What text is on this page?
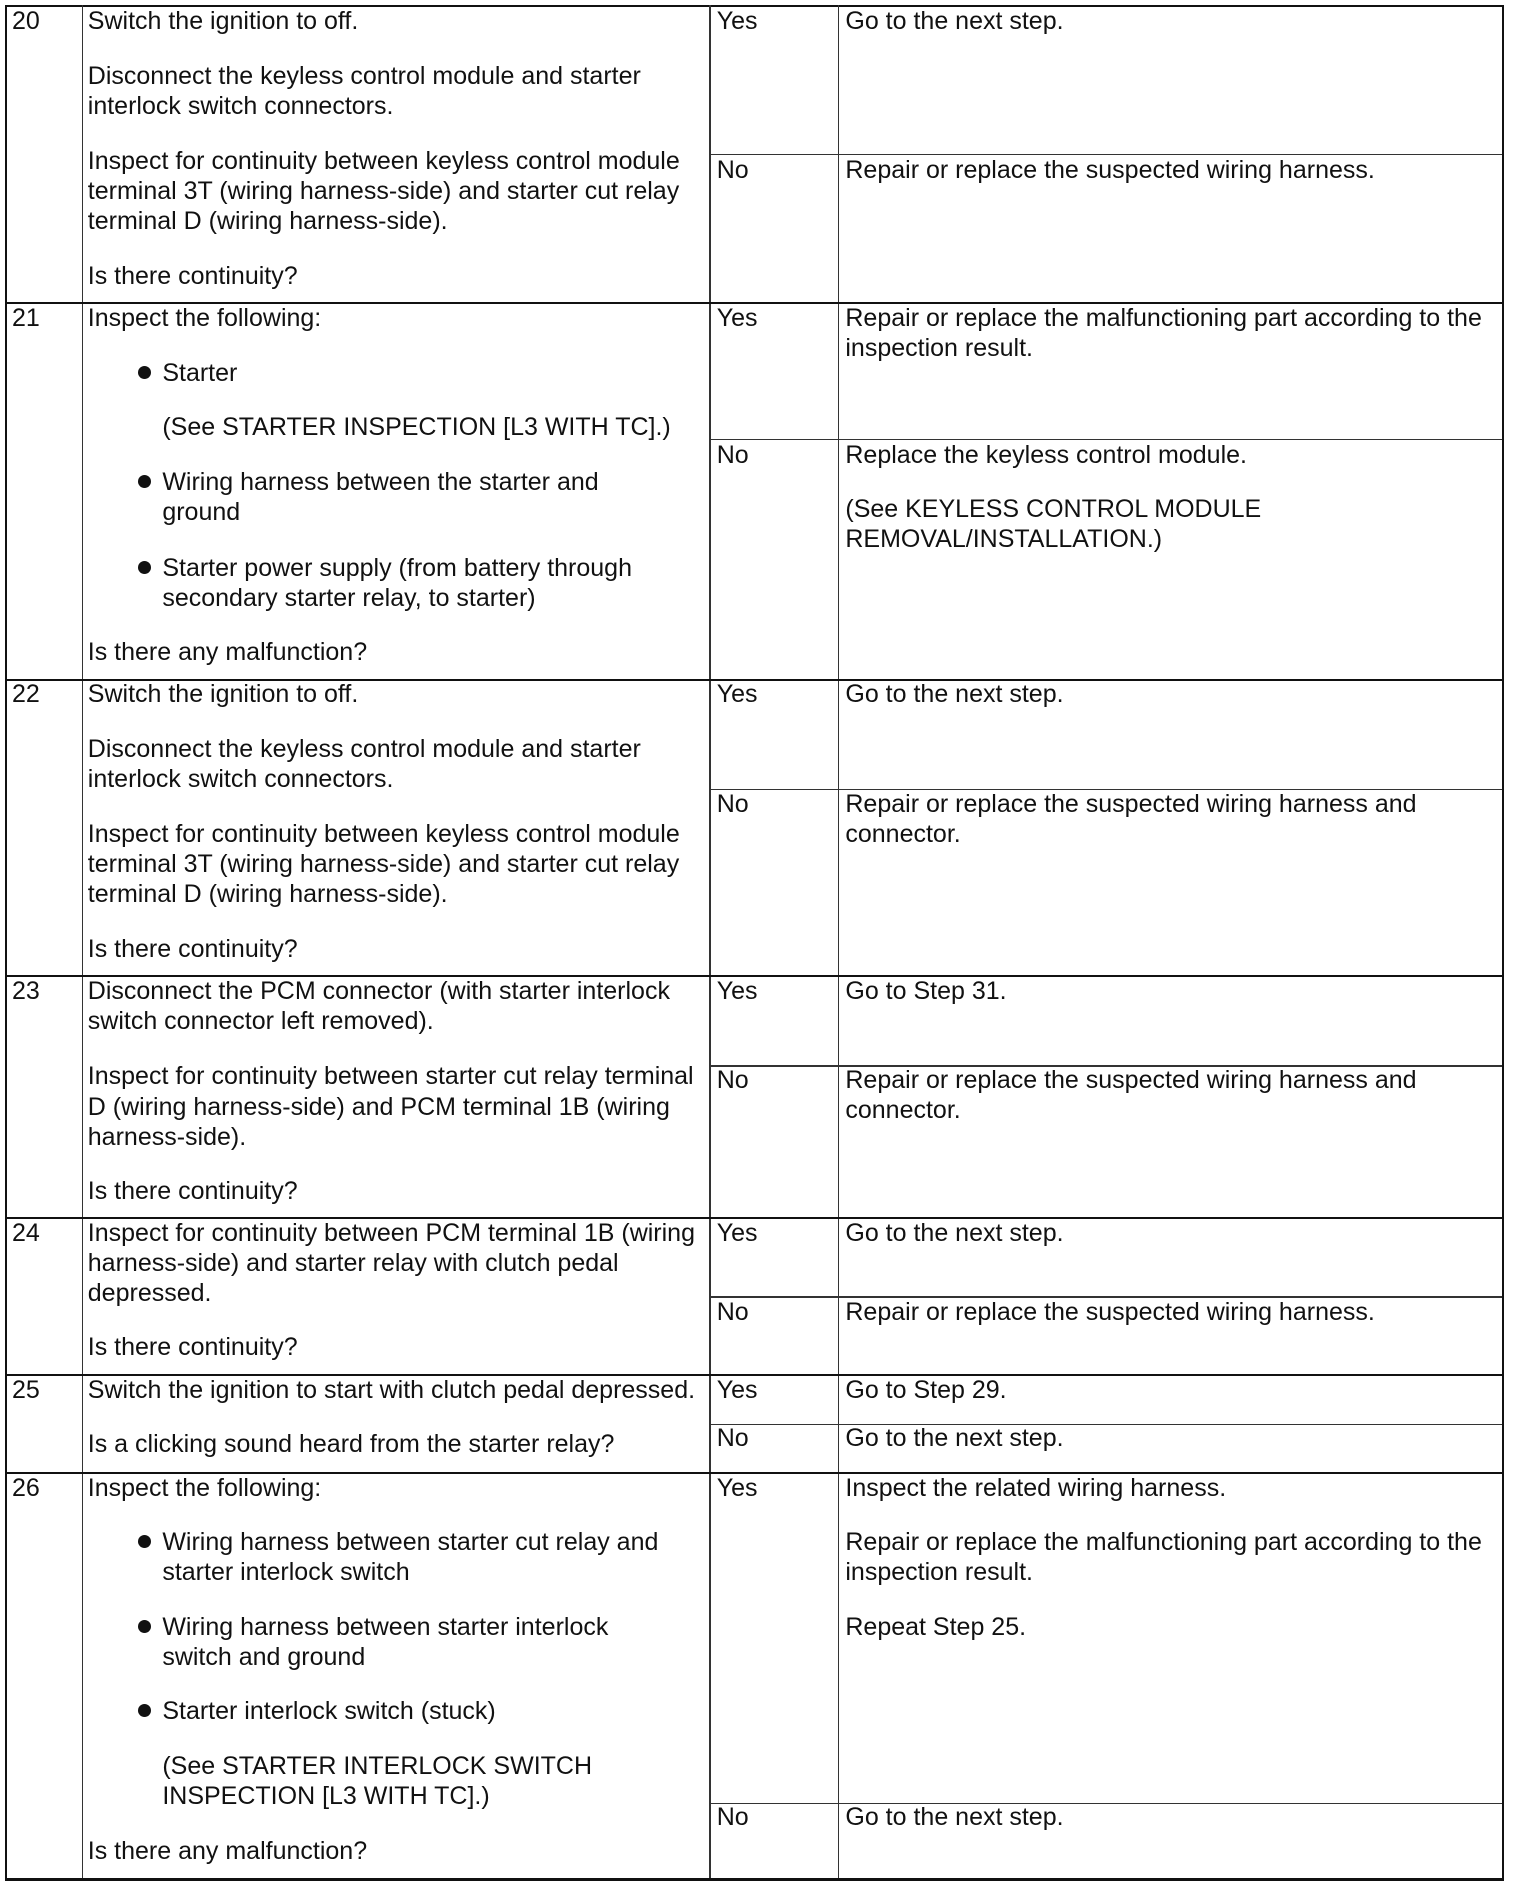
20 Switch the ignition to off.
Disconnect the keyless control module and starter
interlock switch connectors.
Inspect for continuity between keyless control module
terminal 3T (wiring harness-side) and starter cut relay
terminal D (wiring harness-side).
Is there continuity?
Yes	Go to the next step.
No	Repair or replace the suspected wiring harness.
21 Inspect the following:
Starter
(See STARTER INSPECTION [L3 WITH TC].)
Wiring harness between the starter and
ground
Starter power supply (from battery through
secondary starter relay, to starter)
Is there any malfunction?
Yes	Repair or replace the malfunctioning part according to the
inspection result.
No	Replace the keyless control module.
(See KEYLESS CONTROL MODULE
REMOVAL/INSTALLATION.)
22 Switch the ignition to off.
Disconnect the keyless control module and starter
interlock switch connectors.
Inspect for continuity between keyless control module
terminal 3T (wiring harness-side) and starter cut relay
terminal D (wiring harness-side).
Is there continuity?
Yes	Go to the next step.
No	Repair or replace the suspected wiring harness and
connector.
23 Disconnect the PCM connector (with starter interlock
switch connector left removed).
Inspect for continuity between starter cut relay terminal
D (wiring harness-side) and PCM terminal 1B (wiring
harness-side).
Is there continuity?
Yes	Go to Step 31.
No	Repair or replace the suspected wiring harness and
connector.
24 Inspect for continuity between PCM terminal 1B (wiring
harness-side) and starter relay with clutch pedal
depressed.
Is there continuity?
Yes	Go to the next step.
No	Repair or replace the suspected wiring harness.
25 Switch the ignition to start with clutch pedal depressed.
Is a clicking sound heard from the starter relay?
Yes	Go to Step 29.
No	Go to the next step.
26 Inspect the following:
Wiring harness between starter cut relay and
starter interlock switch
Wiring harness between starter interlock
switch and ground
Starter interlock switch (stuck)
(See STARTER INTERLOCK SWITCH
INSPECTION [L3 WITH TC].)
Is there any malfunction?
Yes	Inspect the related wiring harness.
Repair or replace the malfunctioning part according to the
inspection result.
Repeat Step 25.
No	Go to the next step.
